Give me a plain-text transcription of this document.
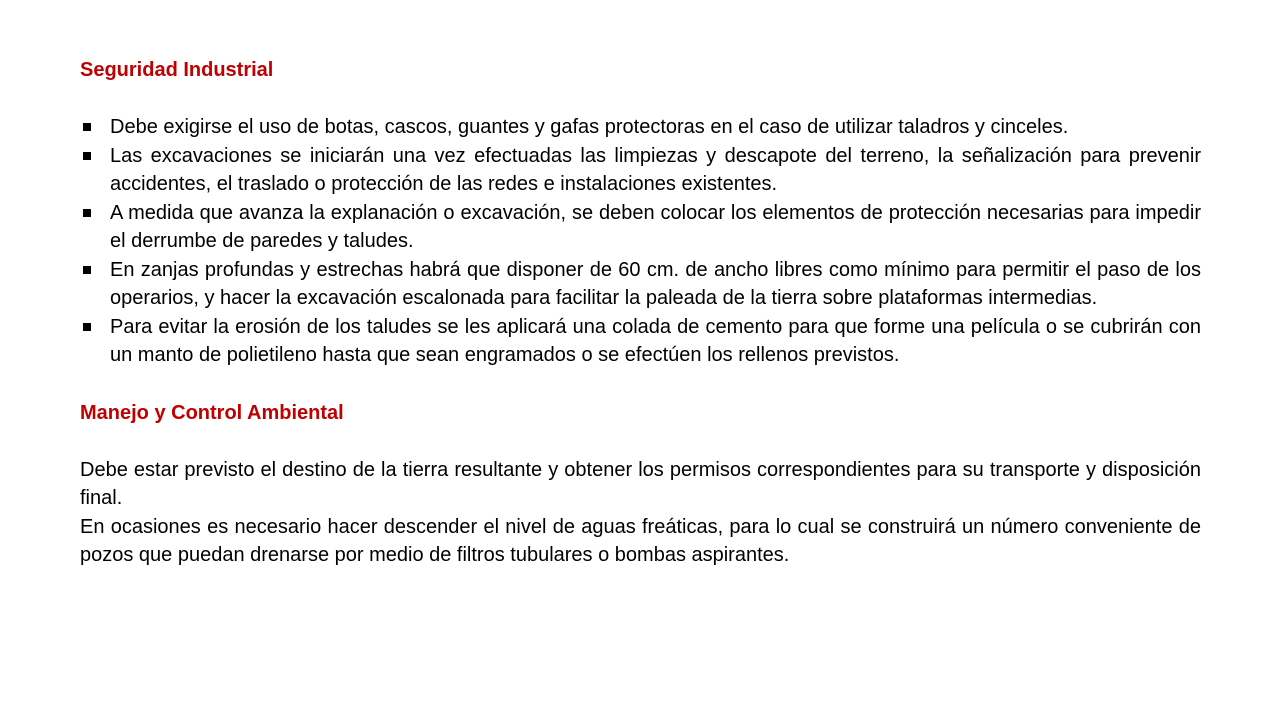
Seguridad Industrial
Debe exigirse el uso de botas, cascos, guantes y gafas protectoras en el caso de utilizar taladros y cinceles.
Las excavaciones se iniciarán una vez efectuadas las limpiezas y descapote del terreno, la señalización para prevenir accidentes, el traslado o protección de las redes e instalaciones existentes.
A medida que avanza la explanación o excavación, se deben colocar los elementos de protección necesarias para impedir el derrumbe de paredes y taludes.
En zanjas profundas y estrechas habrá que disponer de 60 cm. de ancho libres como mínimo para permitir el paso de los operarios, y hacer la excavación escalonada para facilitar la paleada de la tierra sobre plataformas intermedias.
Para evitar la erosión de los taludes se les aplicará una colada de cemento para que forme una película o se cubrirán con un manto de polietileno hasta que sean engramados o se efectúen los rellenos previstos.
Manejo y Control Ambiental

Debe estar previsto el destino de la tierra resultante y obtener los permisos correspondientes para su transporte y disposición final.

En ocasiones es necesario hacer descender el nivel de aguas freáticas, para lo cual se construirá un número conveniente de pozos que puedan drenarse por medio de filtros tubulares o bombas aspirantes.
